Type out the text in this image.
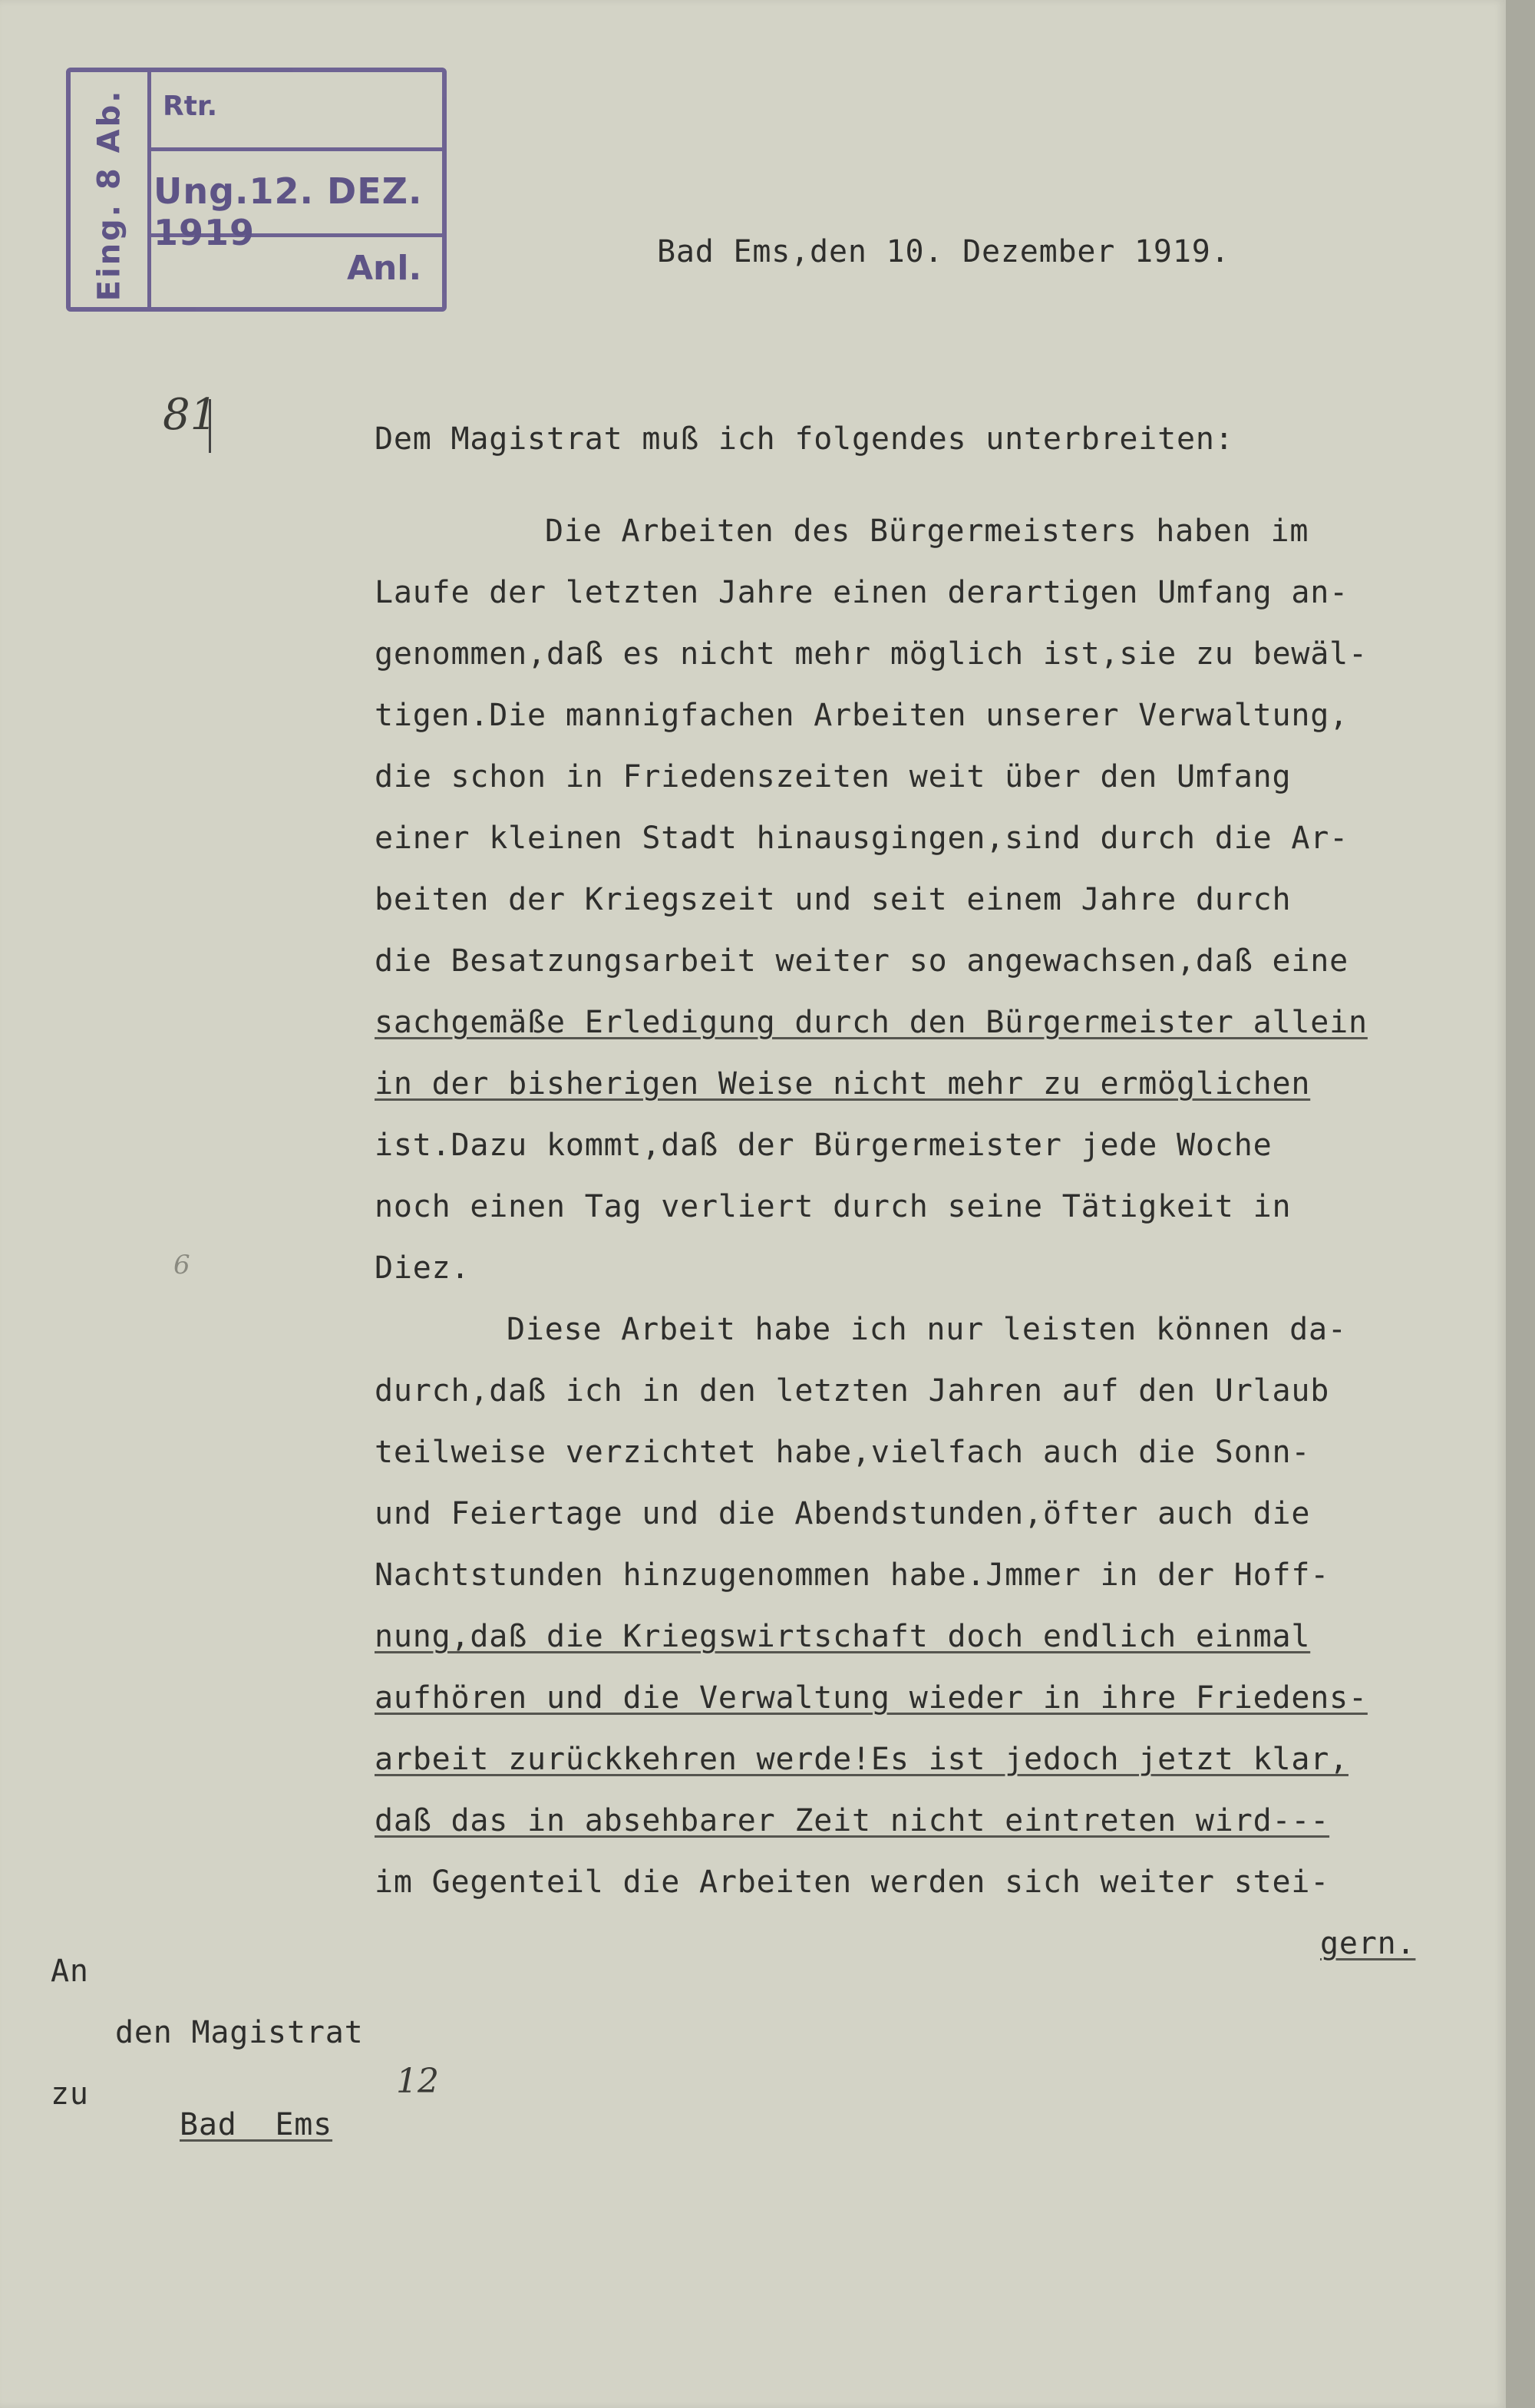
Eing. 8 Ab. Rtr.
Ung.12. DEZ. 1919
Anl.	Bad Ems,den 10. Dezember 1919.

81
6

Dem Magistrat muß ich folgendes unterbreiten:

Die Arbeiten des Bürgermeisters haben im

Laufe der letzten Jahre einen derartigen Umfang an-

genommen,daß es nicht mehr möglich ist,sie zu bewäl-

tigen.Die mannigfachen Arbeiten unserer Verwaltung,

die schon in Friedenszeiten weit über den Umfang

einer kleinen Stadt hinausgingen,sind durch die Ar-

beiten der Kriegszeit und seit einem Jahre durch

die Besatzungsarbeit weiter so angewachsen,daß eine

sachgemäße Erledigung durch den Bürgermeister allein

in der bisherigen Weise nicht mehr zu ermöglichen

ist.Dazu kommt,daß der Bürgermeister jede Woche

noch einen Tag verliert durch seine Tätigkeit in

Diez.

Diese Arbeit habe ich nur leisten können da-

durch,daß ich in den letzten Jahren auf den Urlaub

teilweise verzichtet habe,vielfach auch die Sonn-

und Feiertage und die Abendstunden,öfter auch die

Nachtstunden hinzugenommen habe.Jmmer in der Hoff-

nung,daß die Kriegswirtschaft doch endlich einmal

aufhören und die Verwaltung wieder in ihre Friedens-

arbeit zurückkehren werde!Es ist jedoch jetzt klar,

daß das in absehbarer Zeit nicht eintreten wird---

im Gegenteil die Arbeiten werden sich weiter stei-

gern.

An

den Magistrat

12

zu

Bad  Ems
